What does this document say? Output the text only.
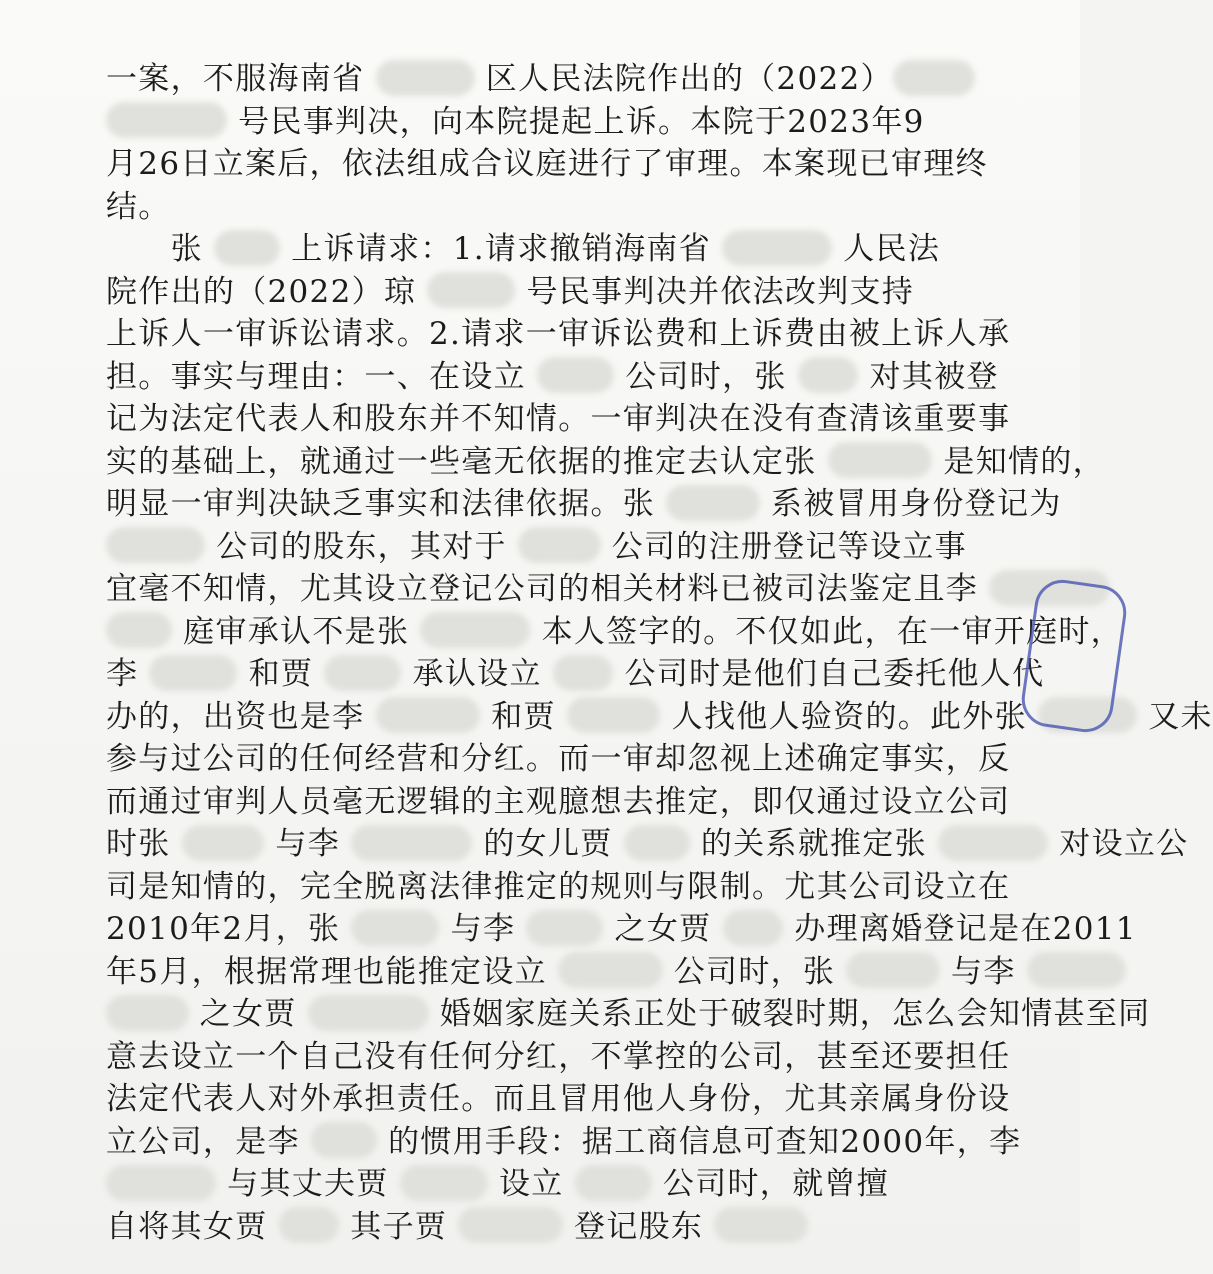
一案，不服海南省	区人民法院作出的（2022）
号民事判决，向本院提起上诉。本院于2023年9
月26日立案后，依法组成合议庭进行了审理。本案现已审理终
结。
　　张  上诉请求：1.请求撤销海南省	人民法
院作出的（2022）琼	号民事判决并依法改判支持
上诉人一审诉讼请求。2.请求一审诉讼费和上诉费由被上诉人承
担。事实与理由：一、在设立  公司时，张  对其被登
记为法定代表人和股东并不知情。一审判决在没有查清该重要事
实的基础上，就通过一些毫无依据的推定去认定张	是知情的，
明显一审判决缺乏事实和法律依据。张	系被冒用身份登记为
公司的股东，其对于	公司的注册登记等设立事
宜毫不知情，尤其设立登记公司的相关材料已被司法鉴定且李
庭审承认不是张	本人签字的。不仅如此，在一审开庭时，
李	和贾  承认设立  公司时是他们自己委托他人代
办的，出资也是李	和贾	人找他人验资的。此外张	又未
参与过公司的任何经营和分红。而一审却忽视上述确定事实，反
而通过审判人员毫无逻辑的主观臆想去推定，即仅通过设立公司
时张	与李	的女儿贾  的关系就推定张	对设立公
司是知情的，完全脱离法律推定的规则与限制。尤其公司设立在
2010年2月，张	与李  之女贾  办理离婚登记是在2011
年5月，根据常理也能推定设立	公司时，张	与李
之女贾	婚姻家庭关系正处于破裂时期，怎么会知情甚至同
意去设立一个自己没有任何分红，不掌控的公司，甚至还要担任
法定代表人对外承担责任。而且冒用他人身份，尤其亲属身份设
立公司，是李  的惯用手段：据工商信息可查知2000年，李
与其丈夫贾	设立  公司时，就曾擅
自将其女贾  其子贾	登记股东
